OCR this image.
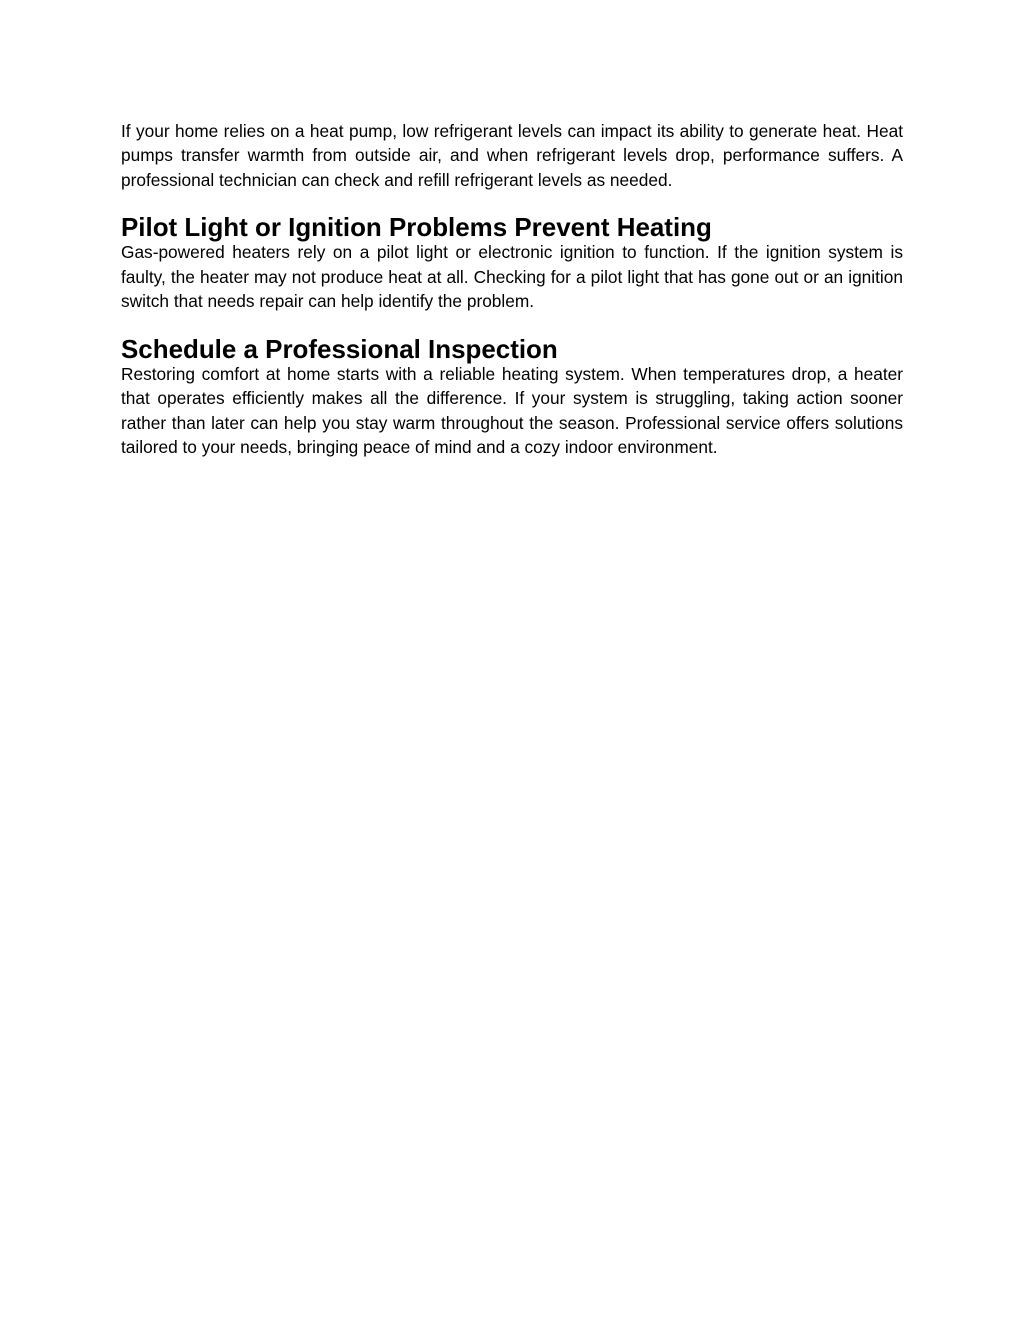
If your home relies on a heat pump, low refrigerant levels can impact its ability to generate heat. Heat pumps transfer warmth from outside air, and when refrigerant levels drop, performance suffers. A professional technician can check and refill refrigerant levels as needed.

Pilot Light or Ignition Problems Prevent Heating

Gas-powered heaters rely on a pilot light or electronic ignition to function. If the ignition system is faulty, the heater may not produce heat at all. Checking for a pilot light that has gone out or an ignition switch that needs repair can help identify the problem.

Schedule a Professional Inspection

Restoring comfort at home starts with a reliable heating system. When temperatures drop, a heater that operates efficiently makes all the difference. If your system is struggling, taking action sooner rather than later can help you stay warm throughout the season. Professional service offers solutions tailored to your needs, bringing peace of mind and a cozy indoor environment.
